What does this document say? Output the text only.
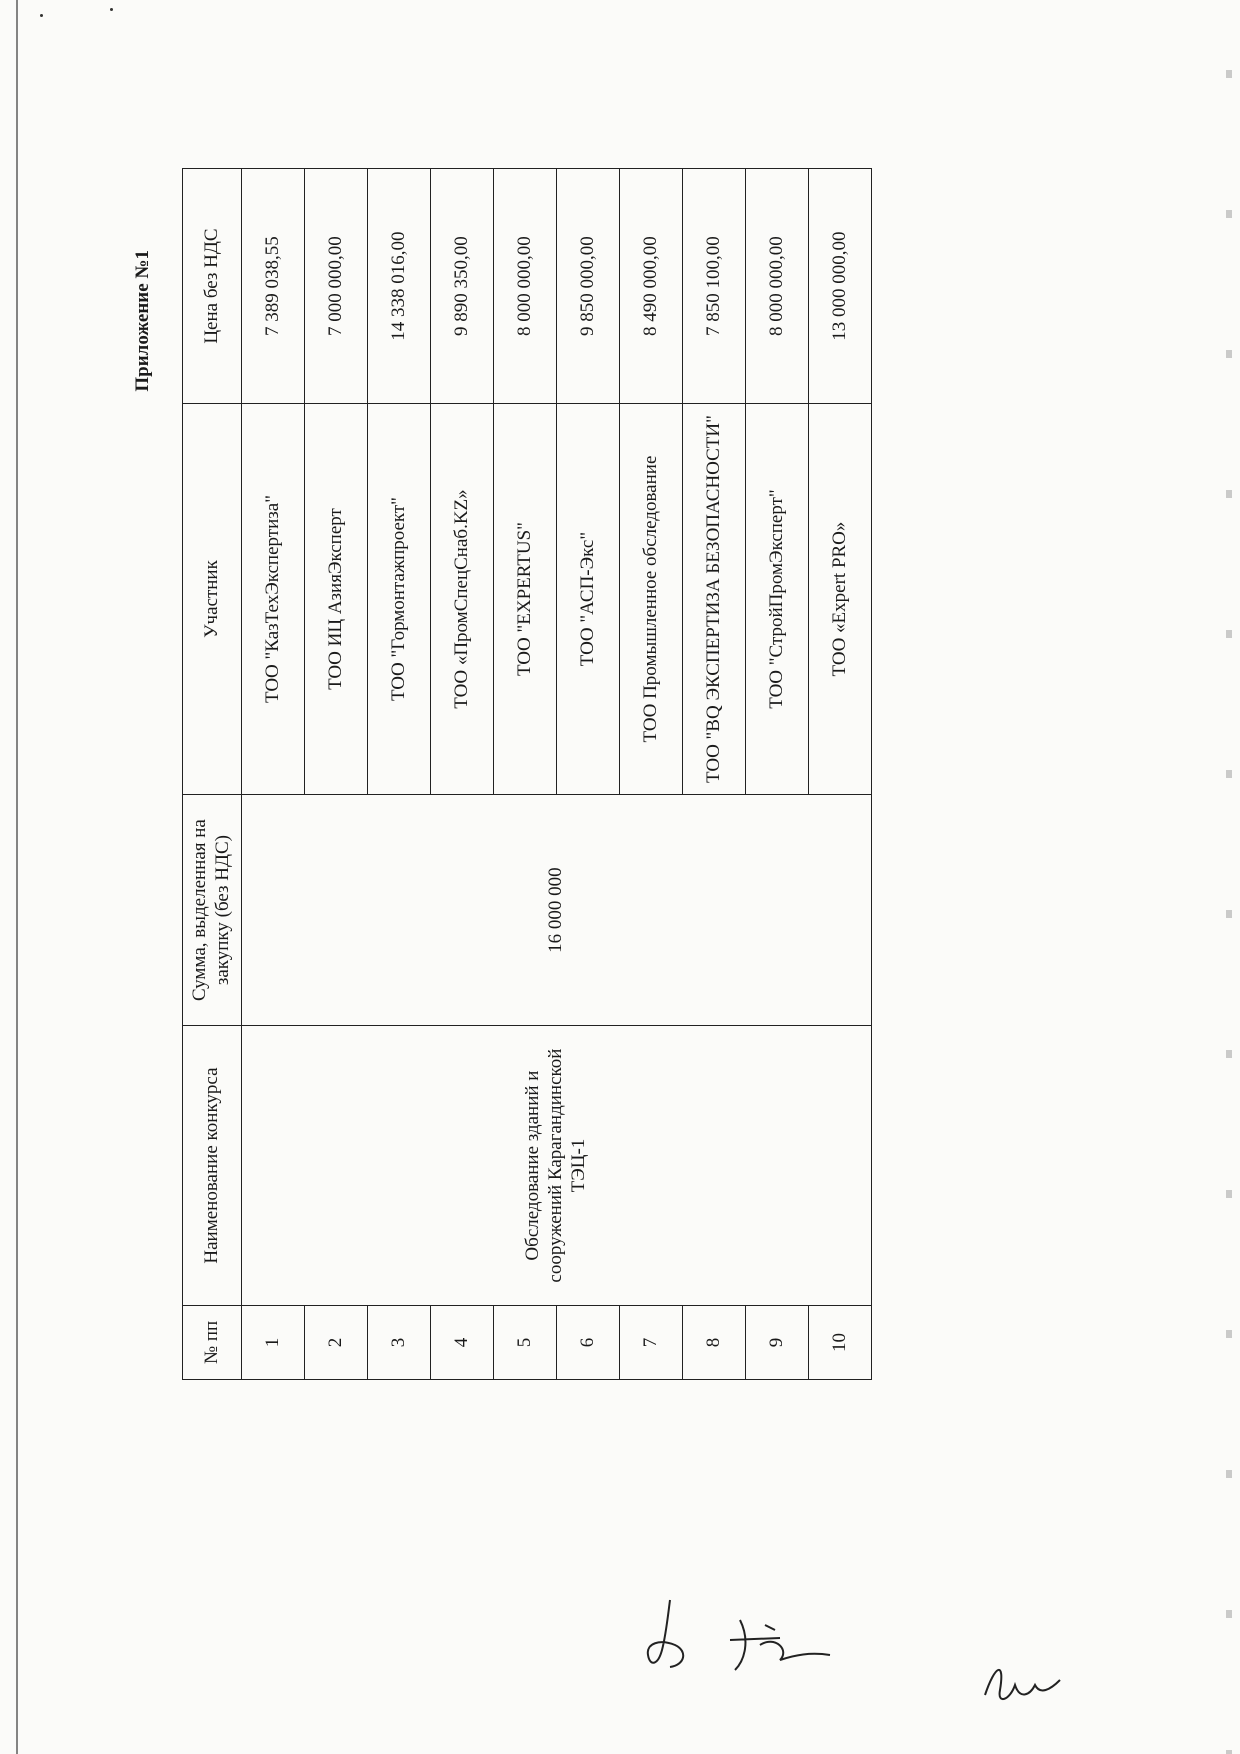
Приложение №1
№ пп	Наименование конкурса	Сумма, выделенная на закупку (без НДС)	Участник	Цена без НДС
1	Обследование зданий и сооружений Карагандинской ТЭЦ-1	16 000 000	ТОО "КазТехЭкспертиза"	7 389 038,55
2			ТОО ИЦ АзияЭксперт	7 000 000,00
3			ТОО "Гормонтажпроект"	14 338 016,00
4			ТОО «ПромСпецСнаб.KZ»	9 890 350,00
5			ТОО "EXPERTUS"	8 000 000,00
6			ТОО "АСП-Экс"	9 850 000,00
7			ТОО Промышленное обследование	8 490 000,00
8			ТОО "BQ ЭКСПЕРТИЗА БЕЗОПАСНОСТИ"	7 850 100,00
9			ТОО "СтройПромЭксперт"	8 000 000,00
10			ТОО «Expert PRO»	13 000 000,00
